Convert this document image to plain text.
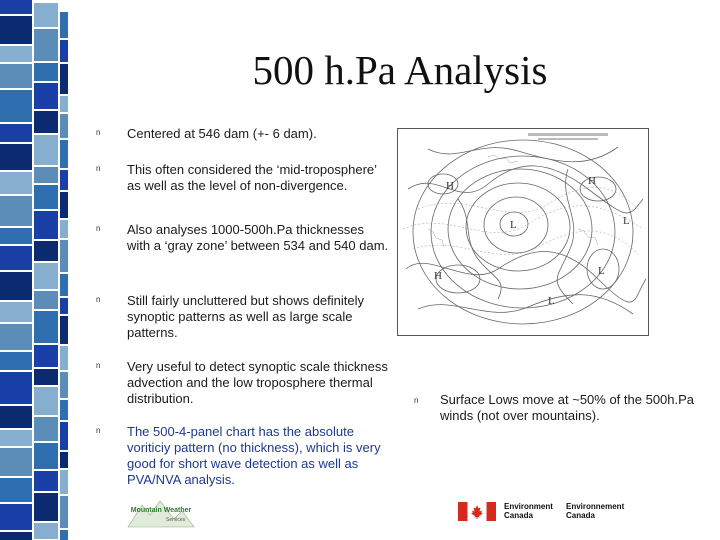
500 h.Pa Analysis
n Centered at 546 dam (+- 6 dam).
n This often considered the ‘mid-troposphere’ as well as the level of non-divergence.
n Also analyses 1000-500h.Pa thicknesses with a ‘gray zone’ between 534 and 540 dam.
n Still fairly uncluttered but shows definitely synoptic patterns as well as large scale patterns.
n Very useful to detect synoptic scale thickness advection and the low troposphere thermal distribution.
n The 500-4-panel chart has the absolute voriticiy pattern (no thickness), which is very good for short wave detection as well as PVA/NVA analysis.
H
L
H	L
H
L
L
n Surface Lows move at ~50% of the 500h.Pa winds (not over mountains).
Mountain Weather
Services
Environment
Canada
Environnement
Canada
